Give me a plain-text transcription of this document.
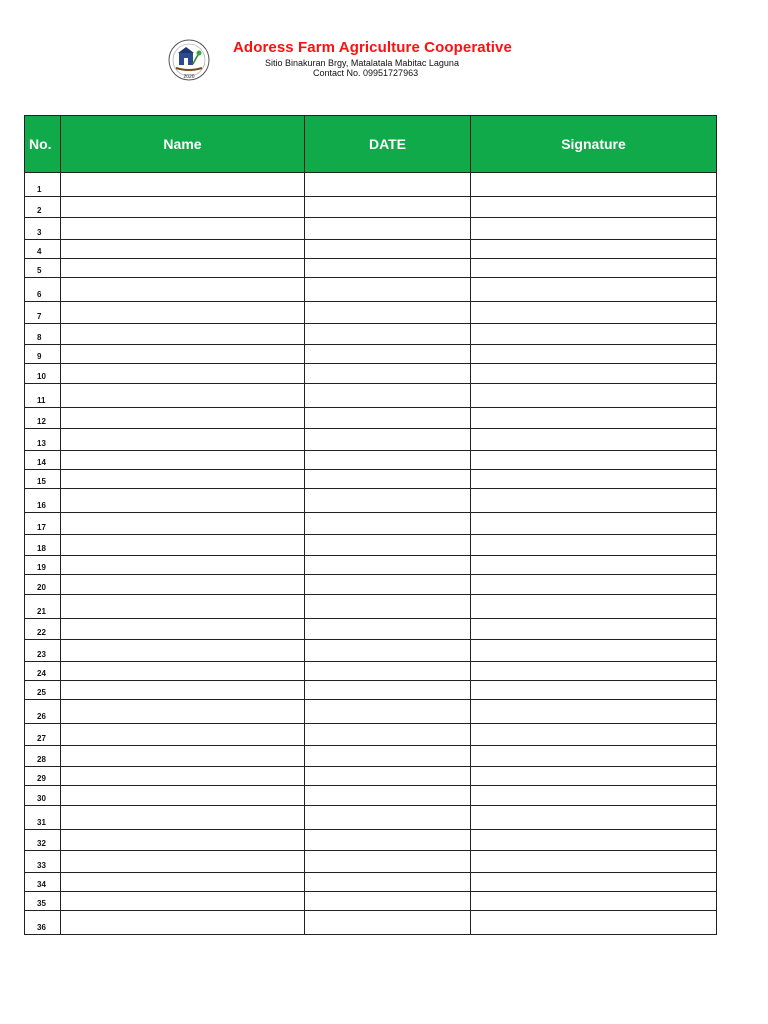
2020
Adoress Farm Agriculture Cooperative
Sitio Binakuran Brgy, Matalatala Mabitac Laguna
Contact No. 09951727963
No.	Name	DATE	Signature
1			
2			
3			
4			
5			
6			
7			
8			
9			
10			
11			
12			
13			
14			
15			
16			
17			
18			
19			
20			
21			
22			
23			
24			
25			
26			
27			
28			
29			
30			
31			
32			
33			
34			
35			
36		
